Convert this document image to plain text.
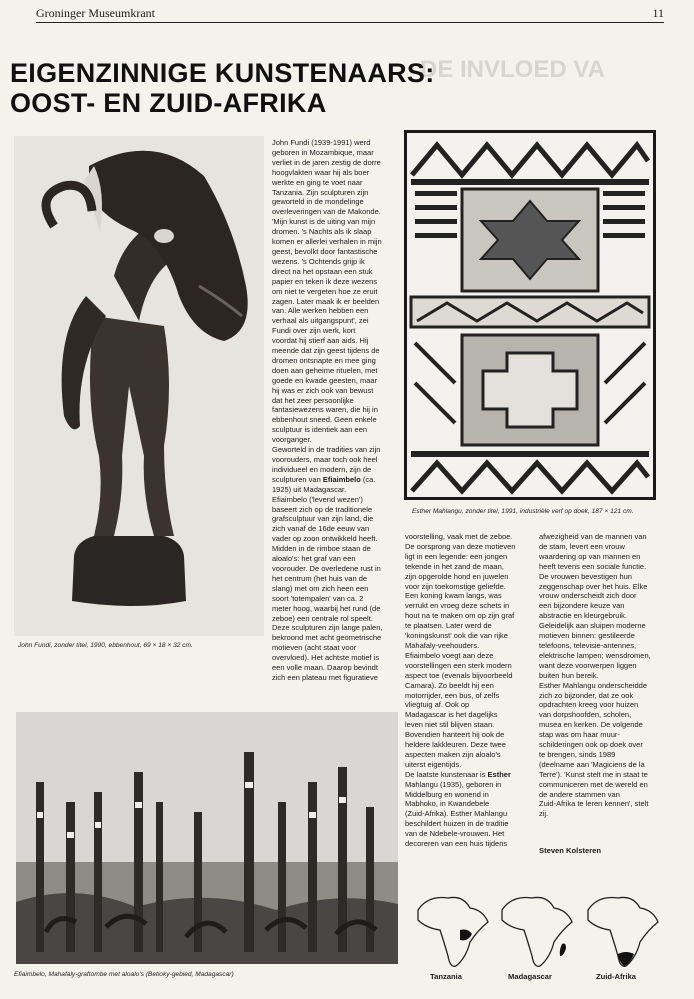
Groninger Museumkrant	11
DE INVLOED VA
EIGENZINNIGE KUNSTENAARS:
OOST- EN ZUID-AFRIKA
John Fundi, zonder titel, 1990, ebbenhout, 69 × 18 × 32 cm.
Esther Mahlangu, zonder titel, 1991, industriële verf op doek, 187 × 121 cm.

John Fundi (1939-1991) werd

geboren in Mozambique, maar

verliet in de jaren zestig de dorre

hoogvlakten waar hij als boer

werkte en ging te voet naar

Tanzania. Zijn sculpturen zijn

geworteld in de mondelinge

overleveringen van de Makonde.

'Mijn kunst is de uiting van mijn

dromen. 's Nachts als ik slaap

komen er allerlei verhalen in mijn

geest, bevolkt door fantastische

wezens. 's Ochtends grijp ik

direct na het opstaan een stuk

papier en teken ik deze wezens

om niet te vergeten hoe ze eruit

zagen. Later maak ik er beelden

van. Alle werken hebben een

verhaal als uitgangspunt', zei

Fundi over zijn werk, kort

voordat hij stierf aan aids. Hij

meende dat zijn geest tijdens de

dromen ontsnapte en mee ging

doen aan geheime rituelen, met

goede en kwade geesten, maar

hij was er zich ook van bewust

dat het zeer persoonlijke

fantasiewezens waren, die hij in

ebbenhout sneed. Geen enkele

sculptuur is identiek aan een

voorganger.

Geworteld in de tradities van zijn

voorouders, maar toch ook heel

individueel en modern, zijn de

sculpturen van Efiaimbelo (ca.

1925) uit Madagascar.

Efiaimbelo ('levend wezen')

baseert zich op de traditionele

grafsculptuur van zijn land, die

zich vanaf de 16de eeuw van

vader op zoon ontwikkeld heeft.

Midden in de rimboe staan de

aloalo's: het graf van een

voorouder. De overledene rust in

het centrum (het huis van de

slang) met om zich heen een

soort 'totempalen' van ca. 2

meter hoog, waarbij het rund (de

zeboe) een centrale rol speelt.

Deze sculpturen zijn lange palen,

bekroond met acht geometrische

motieven (acht staat voor

overvloed). Het achtste motief is

een volle maan. Daarop bevindt

zich een plateau met figuratieve

voorstelling, vaak met de zeboe.

De oorsprong van deze motieven

ligt in een legende: een jongen

tekende in het zand de maan,

zijn opgerolde hond en juwelen

voor zijn toekomstige geliefde.

Een koning kwam langs, was

verrukt en vroeg deze schets in

hout na te maken om op zijn graf

te plaatsen. Later werd de

'koningskunst' ook die van rijke

Mahafaly-veehouders.

Efiaimbelo voegt aan deze

voorstellingen een sterk modern

aspect toe (evenals bijvoorbeeld

Camara). Zo beeldt hij een

motorrijder, een bus, of zelfs

vliegtuig af. Ook op

Madagascar is het dagelijks

leven niet stil blijven staan.

Bovendien hanteert hij ook de

heldere lakkleuren. Deze twee

aspecten maken zijn aloalo's

uiterst eigentijds.

De laatste kunstenaar is Esther

Mahlangu (1935), geboren in

Middelburg en wonend in

Mabhoko, in Kwandebele

(Zuid-Afrika). Esther Mahlangu

beschildert huizen in de traditie

van de Ndebele-vrouwen. Het

decoreren van een huis tijdens

afwezigheid van de mannen van

de stam, levert een vrouw

waardering op van mannen en

heeft tevens een sociale functie.

De vrouwen bevestigen hun

zeggenschap over het huis. Elke

vrouw onderscheidt zich door

een bijzondere keuze van

abstractie en kleurgebruik.

Geleidelijk aan sluipen moderne

motieven binnen: gestileerde

telefoons, televisie-antennes,

elektrische lampen; wensdromen,

want deze voorwerpen liggen

buiten hun bereik.

Esther Mahlangu onderscheidde

zich zo bijzonder, dat ze ook

opdrachten kreeg voor huizen

van dorpshoofden, scholen,

musea en kerken. De volgende

stap was om haar muur-

schilderingen ook op doek over

te brengen, sinds 1989

(deelname aan 'Magiciens de la

Terre'). 'Kunst stelt me in staat te

communiceren met de wereld en

de andere stammen van

Zuid-Afrika te leren kennen', stelt

zij.

Steven Kolsteren
Efiaimbelo, Mahafaly-graftombe met aloalo's (Betioky-gebied, Madagascar)	Tanzania	Madagascar	Zuid-Afrika
